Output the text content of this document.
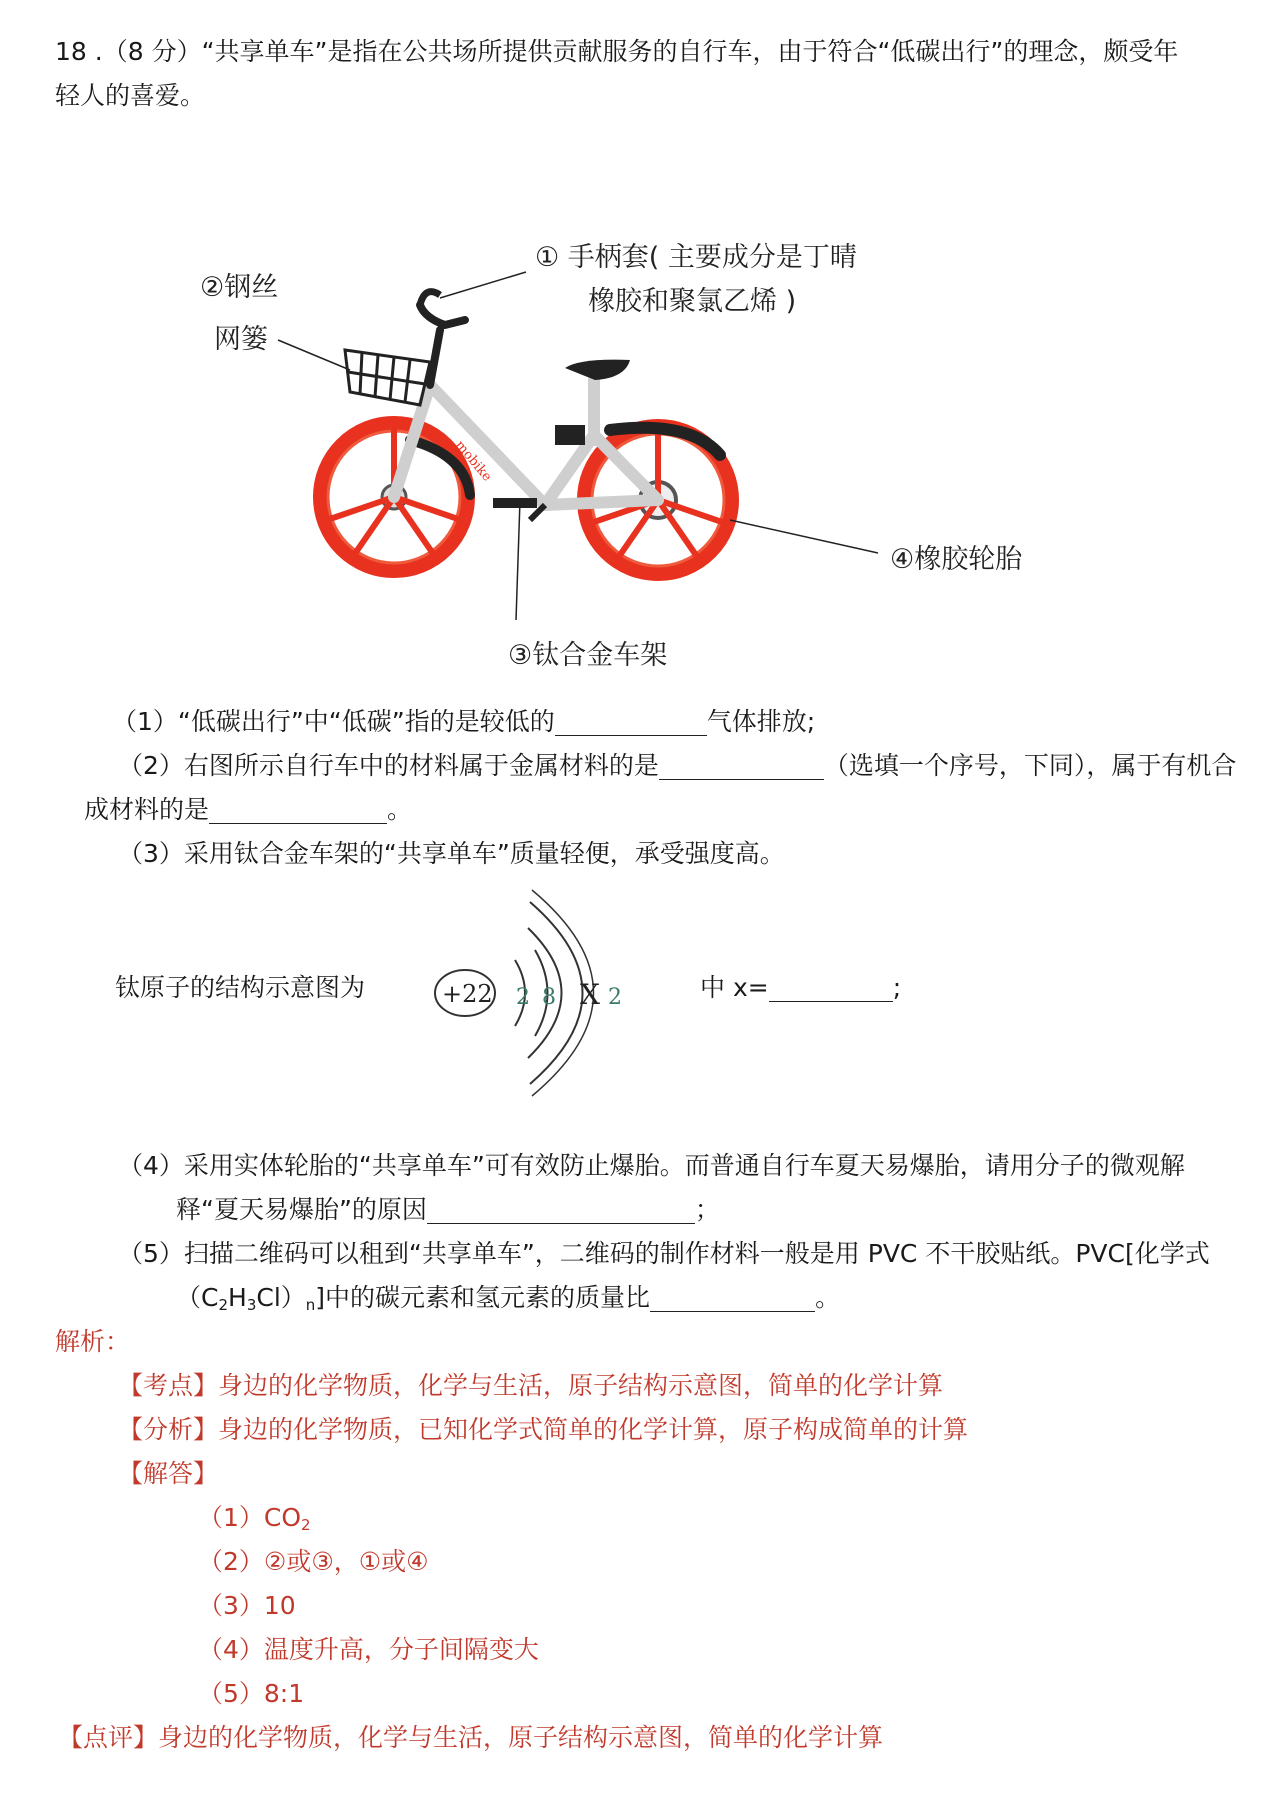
18 .（8 分）“共享单车”是指在公共场所提供贡献服务的自行车，由于符合“低碳出行”的理念，颇受年
轻人的喜爱。
mobike
① 手柄套( 主要成分是丁晴
橡胶和聚氯乙烯 )
②钢丝
网篓
③钛合金车架
④橡胶轮胎
（1）“低碳出行”中“低碳”指的是较低的	气体排放;
（2）右图所示自行车中的材料属于金属材料的是	（选填一个序号，下同），属于有机合
成材料的是	。
（3）采用钛合金车架的“共享单车”质量轻便，承受强度高。
钛原子的结构示意图为	+22 2 8 X 2	中 x=	;
（4）采用实体轮胎的“共享单车”可有效防止爆胎。而普通自行车夏天易爆胎，请用分子的微观解
释“夏天易爆胎”的原因	；
（5）扫描二维码可以租到“共享单车”，二维码的制作材料一般是用 PVC 不干胶贴纸。PVC[化学式
$(C_2H_3Cl)_n$]中的碳元素和氢元素的质量比	。
解析：
【考点】身边的化学物质，化学与生活，原子结构示意图，简单的化学计算
【分析】身边的化学物质，已知化学式简单的化学计算，原子构成简单的计算
【解答】
$(1)CO_2$
（2）②或③，①或④
（3）10
（4）温度升高，分子间隔变大
（5）8:1
【点评】身边的化学物质，化学与生活，原子结构示意图，简单的化学计算
